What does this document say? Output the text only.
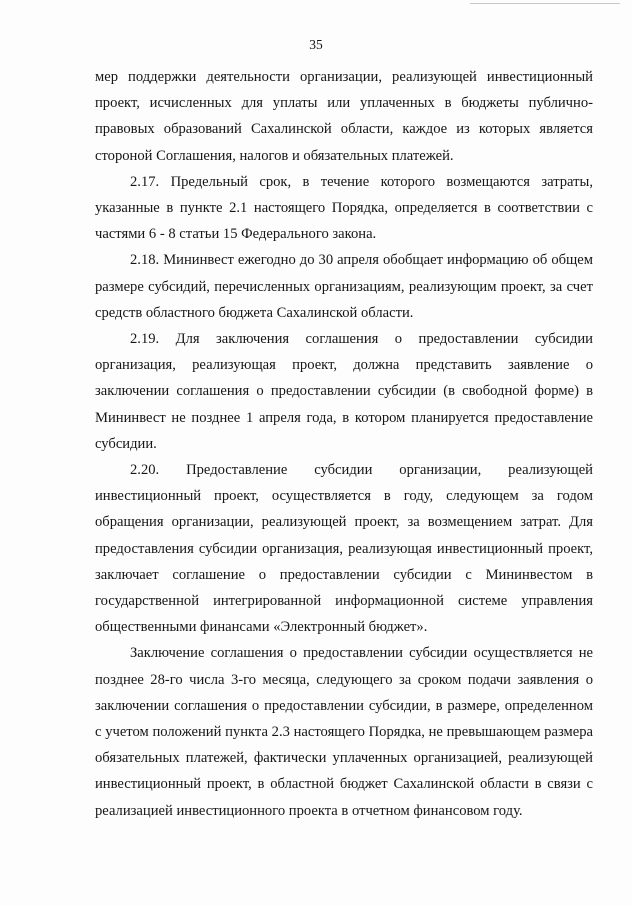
35

мер поддержки деятельности организации, реализующей инвестиционный проект, исчисленных для уплаты или уплаченных в бюджеты публично-правовых образований Сахалинской области, каждое из которых является стороной Соглашения, налогов и обязательных платежей.

2.17. Предельный срок, в течение которого возмещаются затраты, указанные в пункте 2.1 настоящего Порядка, определяется в соответствии с частями 6 - 8 статьи 15 Федерального закона.

2.18. Мининвест ежегодно до 30 апреля обобщает информацию об общем размере субсидий, перечисленных организациям, реализующим проект, за счет средств областного бюджета Сахалинской области.

2.19. Для заключения соглашения о предоставлении субсидии организация, реализующая проект, должна представить заявление о заключении соглашения о предоставлении субсидии (в свободной форме) в Мининвест не позднее 1 апреля года, в котором планируется предоставление субсидии.

2.20. Предоставление субсидии организации, реализующей инвестиционный проект, осуществляется в году, следующем за годом обращения организации, реализующей проект, за возмещением затрат. Для предоставления субсидии организация, реализующая инвестиционный проект, заключает соглашение о предоставлении субсидии с Мининвестом в государственной интегрированной информационной системе управления общественными финансами «Электронный бюджет».

Заключение соглашения о предоставлении субсидии осуществляется не позднее 28-го числа 3-го месяца, следующего за сроком подачи заявления о заключении соглашения о предоставлении субсидии, в размере, определенном с учетом положений пункта 2.3 настоящего Порядка, не превышающем размера обязательных платежей, фактически уплаченных организацией, реализующей инвестиционный проект, в областной бюджет Сахалинской области в связи с реализацией инвестиционного проекта в отчетном финансовом году.
